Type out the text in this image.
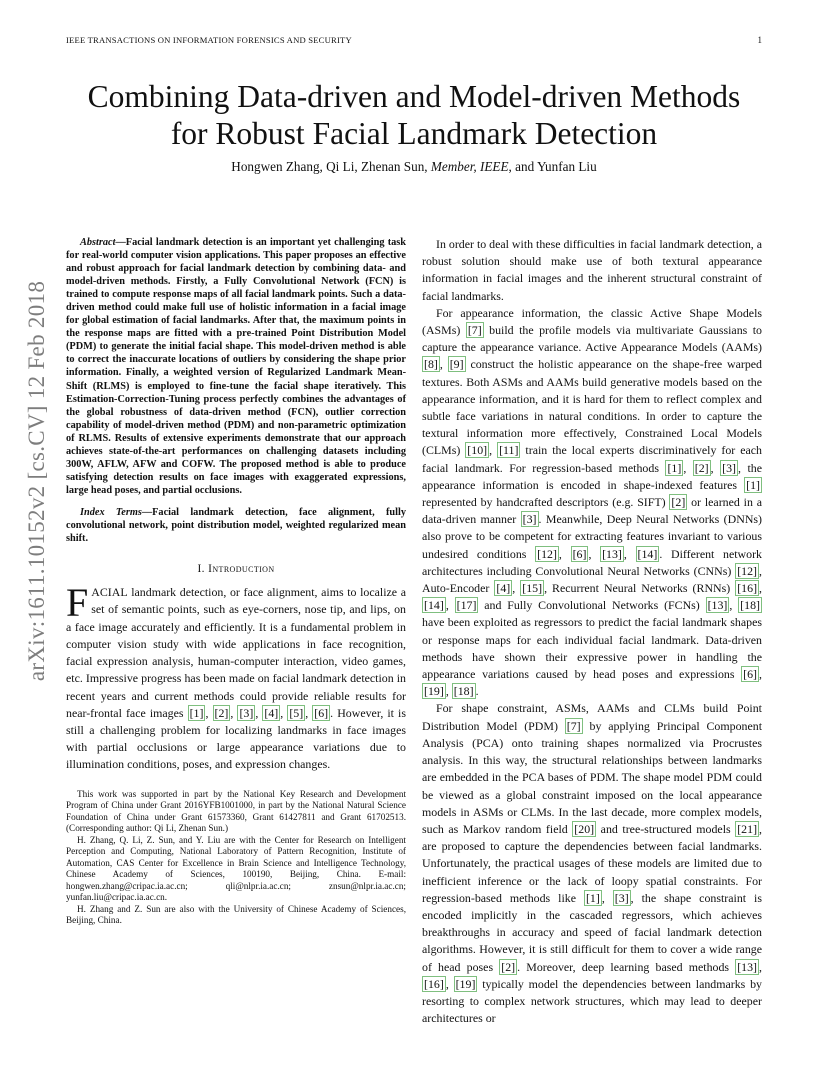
IEEE TRANSACTIONS ON INFORMATION FORENSICS AND SECURITY	1
arXiv:1611.10152v2 [cs.CV] 12 Feb 2018
Combining Data-driven and Model-driven Methods
for Robust Facial Landmark Detection
Hongwen Zhang, Qi Li, Zhenan Sun, Member, IEEE, and Yunfan Liu

Abstract—Facial landmark detection is an important yet challenging task for real-world computer vision applications. This paper proposes an effective and robust approach for facial landmark detection by combining data- and model-driven methods. Firstly, a Fully Convolutional Network (FCN) is trained to compute response maps of all facial landmark points. Such a data-driven method could make full use of holistic information in a facial image for global estimation of facial landmarks. After that, the maximum points in the response maps are fitted with a pre-trained Point Distribution Model (PDM) to generate the initial facial shape. This model-driven method is able to correct the inaccurate locations of outliers by considering the shape prior information. Finally, a weighted version of Regularized Landmark Mean-Shift (RLMS) is employed to fine-tune the facial shape iteratively. This Estimation-Correction-Tuning process perfectly combines the advantages of the global robustness of data-driven method (FCN), outlier correction capability of model-driven method (PDM) and non-parametric optimization of RLMS. Results of extensive experiments demonstrate that our approach achieves state-of-the-art performances on challenging datasets including 300W, AFLW, AFW and COFW. The proposed method is able to produce satisfying detection results on face images with exaggerated expressions, large head poses, and partial occlusions.

Index Terms—Facial landmark detection, face alignment, fully convolutional network, point distribution model, weighted regularized mean shift.

I. Introduction

FACIAL landmark detection, or face alignment, aims to localize a set of semantic points, such as eye-corners, nose tip, and lips, on a face image accurately and efficiently. It is a fundamental problem in computer vision study with wide applications in face recognition, facial expression analysis, human-computer interaction, video games, etc. Impressive progress has been made on facial landmark detection in recent years and current methods could provide reliable results for near-frontal face images [1] , [2] , [3] , [4] , [5] , [6] . However, it is still a challenging problem for localizing landmarks in face images with partial occlusions or large appearance variations due to illumination conditions, poses, and expression changes.

This work was supported in part by the National Key Research and Development Program of China under Grant 2016YFB1001000, in part by the National Natural Science Foundation of China under Grant 61573360, Grant 61427811 and Grant 61702513. (Corresponding author: Qi Li, Zhenan Sun.)

H. Zhang, Q. Li, Z. Sun, and Y. Liu are with the Center for Research on Intelligent Perception and Computing, National Laboratory of Pattern Recognition, Institute of Automation, CAS Center for Excellence in Brain Science and Intelligence Technology, Chinese Academy of Sciences, 100190, Beijing, China. E-mail: hongwen.zhang@cripac.ia.ac.cn; qli@nlpr.ia.ac.cn; znsun@nlpr.ia.ac.cn; yunfan.liu@cripac.ia.ac.cn.

H. Zhang and Z. Sun are also with the University of Chinese Academy of Sciences, Beijing, China.

In order to deal with these difficulties in facial landmark detection, a robust solution should make use of both textural appearance information in facial images and the inherent structural constraint of facial landmarks.

For appearance information, the classic Active Shape Models (ASMs) [7] build the profile models via multivariate Gaussians to capture the appearance variance. Active Appearance Models (AAMs) [8] , [9] construct the holistic appearance on the shape-free warped textures. Both ASMs and AAMs build generative models based on the appearance information, and it is hard for them to reflect complex and subtle face variations in natural conditions. In order to capture the textural information more effectively, Constrained Local Models (CLMs) [10] , [11] train the local experts discriminatively for each facial landmark. For regression-based methods [1] , [2] , [3] , the appearance information is encoded in shape-indexed features [1] represented by handcrafted descriptors (e.g. SIFT) [2] or learned in a data-driven manner [3] . Meanwhile, Deep Neural Networks (DNNs) also prove to be competent for extracting features invariant to various undesired conditions [12] , [6] , [13] , [14] . Different network architectures including Convolutional Neural Networks (CNNs) [12] , Auto-Encoder [4] , [15] , Recurrent Neural Networks (RNNs) [16] , [14] , [17] and Fully Convolutional Networks (FCNs) [13] , [18] have been exploited as regressors to predict the facial landmark shapes or response maps for each individual facial landmark. Data-driven methods have shown their expressive power in handling the appearance variations caused by head poses and expressions [6] , [19] , [18] .

For shape constraint, ASMs, AAMs and CLMs build Point Distribution Model (PDM) [7] by applying Principal Component Analysis (PCA) onto training shapes normalized via Procrustes analysis. In this way, the structural relationships between landmarks are embedded in the PCA bases of PDM. The shape model PDM could be viewed as a global constraint imposed on the local appearance models in ASMs or CLMs. In the last decade, more complex models, such as Markov random field [20] and tree-structured models [21] , are proposed to capture the dependencies between facial landmarks. Unfortunately, the practical usages of these models are limited due to inefficient inference or the lack of loopy spatial constraints. For regression-based methods like [1] , [3] , the shape constraint is encoded implicitly in the cascaded regressors, which achieves breakthroughs in accuracy and speed of facial landmark detection algorithms. However, it is still difficult for them to cover a wide range of head poses [2] . Moreover, deep learning based methods [13] , [16] , [19] typically model the dependencies between landmarks by resorting to complex network structures, which may lead to deeper architectures or
